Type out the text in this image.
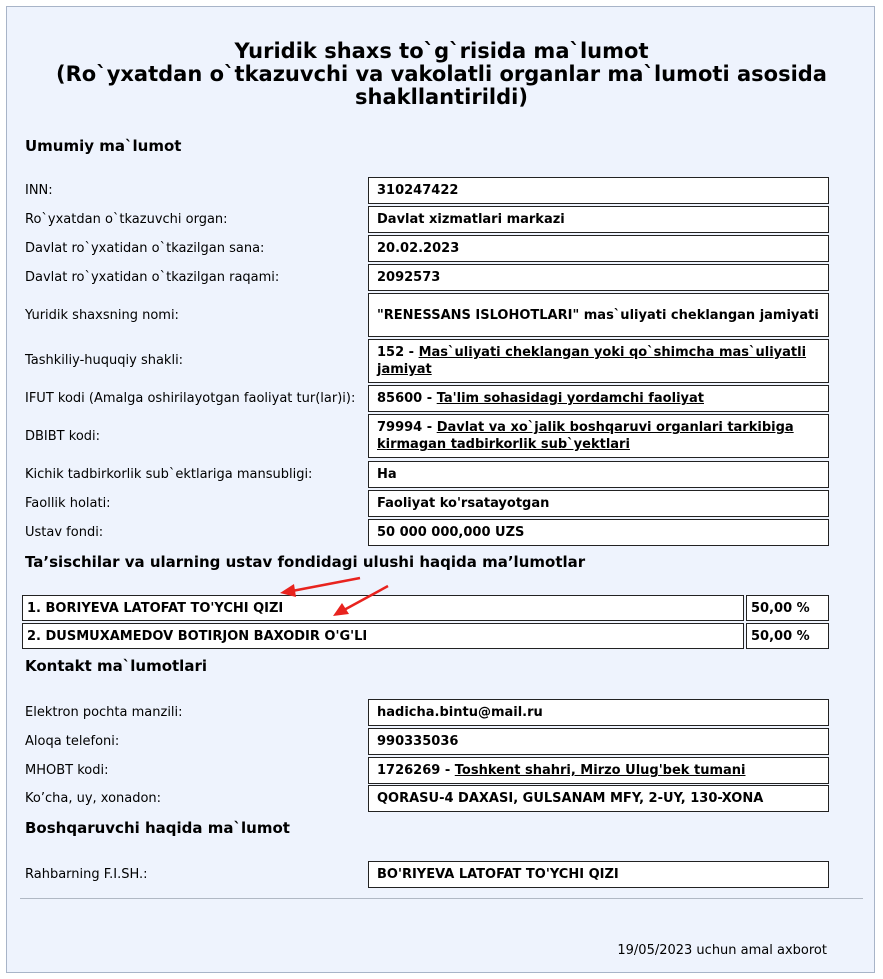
Yuridik shaxs to`g`risida ma`lumot
(Ro`yxatdan o`tkazuvchi va vakolatli organlar ma`lumoti asosida
shakllantirildi)
Umumiy ma`lumot
INN:	310247422
Ro`yxatdan o`tkazuvchi organ:	Davlat xizmatlari markazi
Davlat ro`yxatidan o`tkazilgan sana:	20.02.2023
Davlat ro`yxatidan o`tkazilgan raqami:	2092573
Yuridik shaxsning nomi:	"RENESSANS ISLOHOTLARI" mas`uliyati cheklangan jamiyati
Tashkiliy-huquqiy shakli:
152 - Mas`uliyati cheklangan yoki qo`shimcha mas`uliyatli jamiyat
IFUT kodi (Amalga oshirilayotgan faoliyat tur(lar)i): 85600 - Ta'lim sohasidagi yordamchi faoliyat
DBIBT kodi:
79994 - Davlat va xo`jalik boshqaruvi organlari tarkibiga kirmagan tadbirkorlik sub`yektlari
Kichik tadbirkorlik sub`ektlariga mansubligi:	Ha
Faollik holati:	Faoliyat ko'rsatayotgan
Ustav fondi:	50 000 000,000 UZS
Ta’sischilar va ularning ustav fondidagi ulushi haqida ma’lumotlar
1. BORIYEVA LATOFAT TO'YCHI QIZI	50,00 %
2. DUSMUXAMEDOV BOTIRJON BAXODIR O'G'LI	50,00 %
Kontakt ma`lumotlari
Elektron pochta manzili:	hadicha.bintu@mail.ru
Aloqa telefoni:	990335036
MHOBT kodi:	1726269 - Toshkent shahri, Mirzo Ulug'bek tumani
Ko’cha, uy, xonadon:	QORASU-4 DAXASI, GULSANAM MFY, 2-UY, 130-XONA
Boshqaruvchi haqida ma`lumot
Rahbarning F.I.SH.:	BO'RIYEVA LATOFAT TO'YCHI QIZI
19/05/2023 uchun amal axborot
